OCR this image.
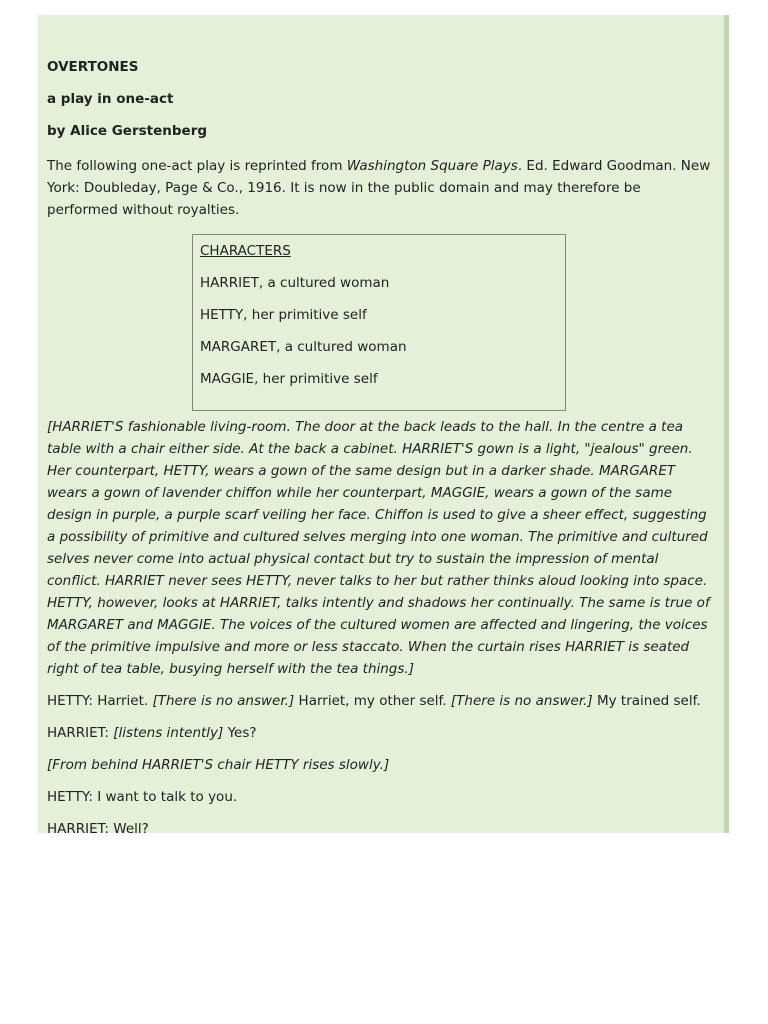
OVERTONES

a play in one-act

by Alice Gerstenberg

The following one-act play is reprinted from Washington Square Plays. Ed. Edward Goodman. New York: Doubleday, Page & Co., 1916. It is now in the public domain and may therefore be performed without royalties.

CHARACTERS
HARRIET, a cultured woman
HETTY, her primitive self
MARGARET, a cultured woman
MAGGIE, her primitive self

[HARRIET'S fashionable living-room. The door at the back leads to the hall. In the centre a tea table with a chair either side. At the back a cabinet. HARRIET'S gown is a light, "jealous" green. Her counterpart, HETTY, wears a gown of the same design but in a darker shade. MARGARET wears a gown of lavender chiffon while her counterpart, MAGGIE, wears a gown of the same design in purple, a purple scarf veiling her face. Chiffon is used to give a sheer effect, suggesting a possibility of primitive and cultured selves merging into one woman. The primitive and cultured selves never come into actual physical contact but try to sustain the impression of mental conflict. HARRIET never sees HETTY, never talks to her but rather thinks aloud looking into space. HETTY, however, looks at HARRIET, talks intently and shadows her continually. The same is true of MARGARET and MAGGIE. The voices of the cultured women are affected and lingering, the voices of the primitive impulsive and more or less staccato. When the curtain rises HARRIET is seated right of tea table, busying herself with the tea things.]

HETTY: Harriet. [There is no answer.] Harriet, my other self. [There is no answer.] My trained self.

HARRIET: [listens intently] Yes?

[From behind HARRIET'S chair HETTY rises slowly.]

HETTY: I want to talk to you.

HARRIET: Well?
